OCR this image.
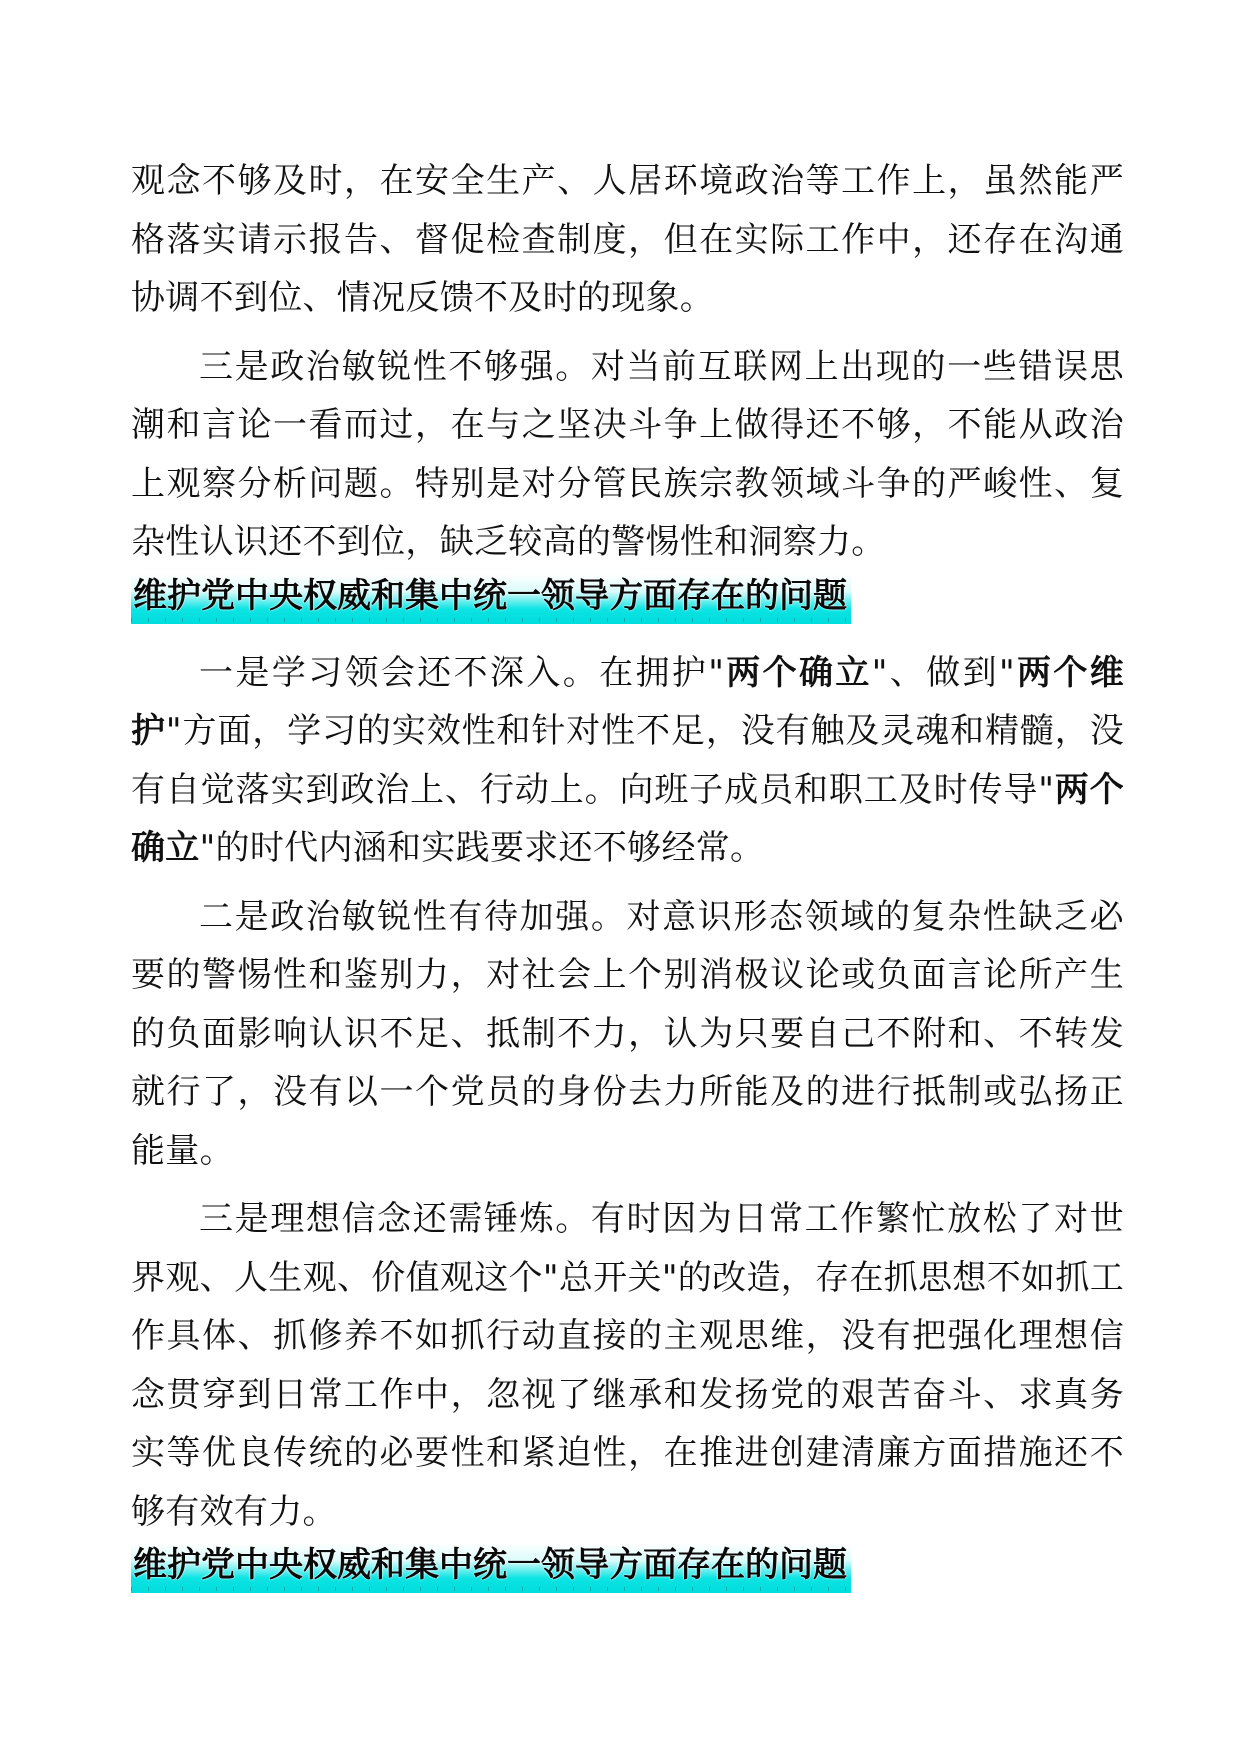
观念不够及时，在安全生产、人居环境政治等工作上，虽然能严格落实请示报告、督促检查制度，但在实际工作中，还存在沟通协调不到位、情况反馈不及时的现象。

三是政治敏锐性不够强。对当前互联网上出现的一些错误思潮和言论一看而过，在与之坚决斗争上做得还不够，不能从政治上观察分析问题。特别是对分管民族宗教领域斗争的严峻性、复杂性认识还不到位，缺乏较高的警惕性和洞察力。

维护党中央权威和集中统一领导方面存在的问题

一是学习领会还不深入。在拥护"两个确立"、做到"两个维护"方面，学习的实效性和针对性不足，没有触及灵魂和精髓，没有自觉落实到政治上、行动上。向班子成员和职工及时传导"两个确立"的时代内涵和实践要求还不够经常。

二是政治敏锐性有待加强。对意识形态领域的复杂性缺乏必要的警惕性和鉴别力，对社会上个别消极议论或负面言论所产生的负面影响认识不足、抵制不力，认为只要自己不附和、不转发就行了，没有以一个党员的身份去力所能及的进行抵制或弘扬正能量。

三是理想信念还需锤炼。有时因为日常工作繁忙放松了对世界观、人生观、价值观这个"总开关"的改造，存在抓思想不如抓工作具体、抓修养不如抓行动直接的主观思维，没有把强化理想信念贯穿到日常工作中，忽视了继承和发扬党的艰苦奋斗、求真务实等优良传统的必要性和紧迫性，在推进创建清廉方面措施还不够有效有力。

维护党中央权威和集中统一领导方面存在的问题
